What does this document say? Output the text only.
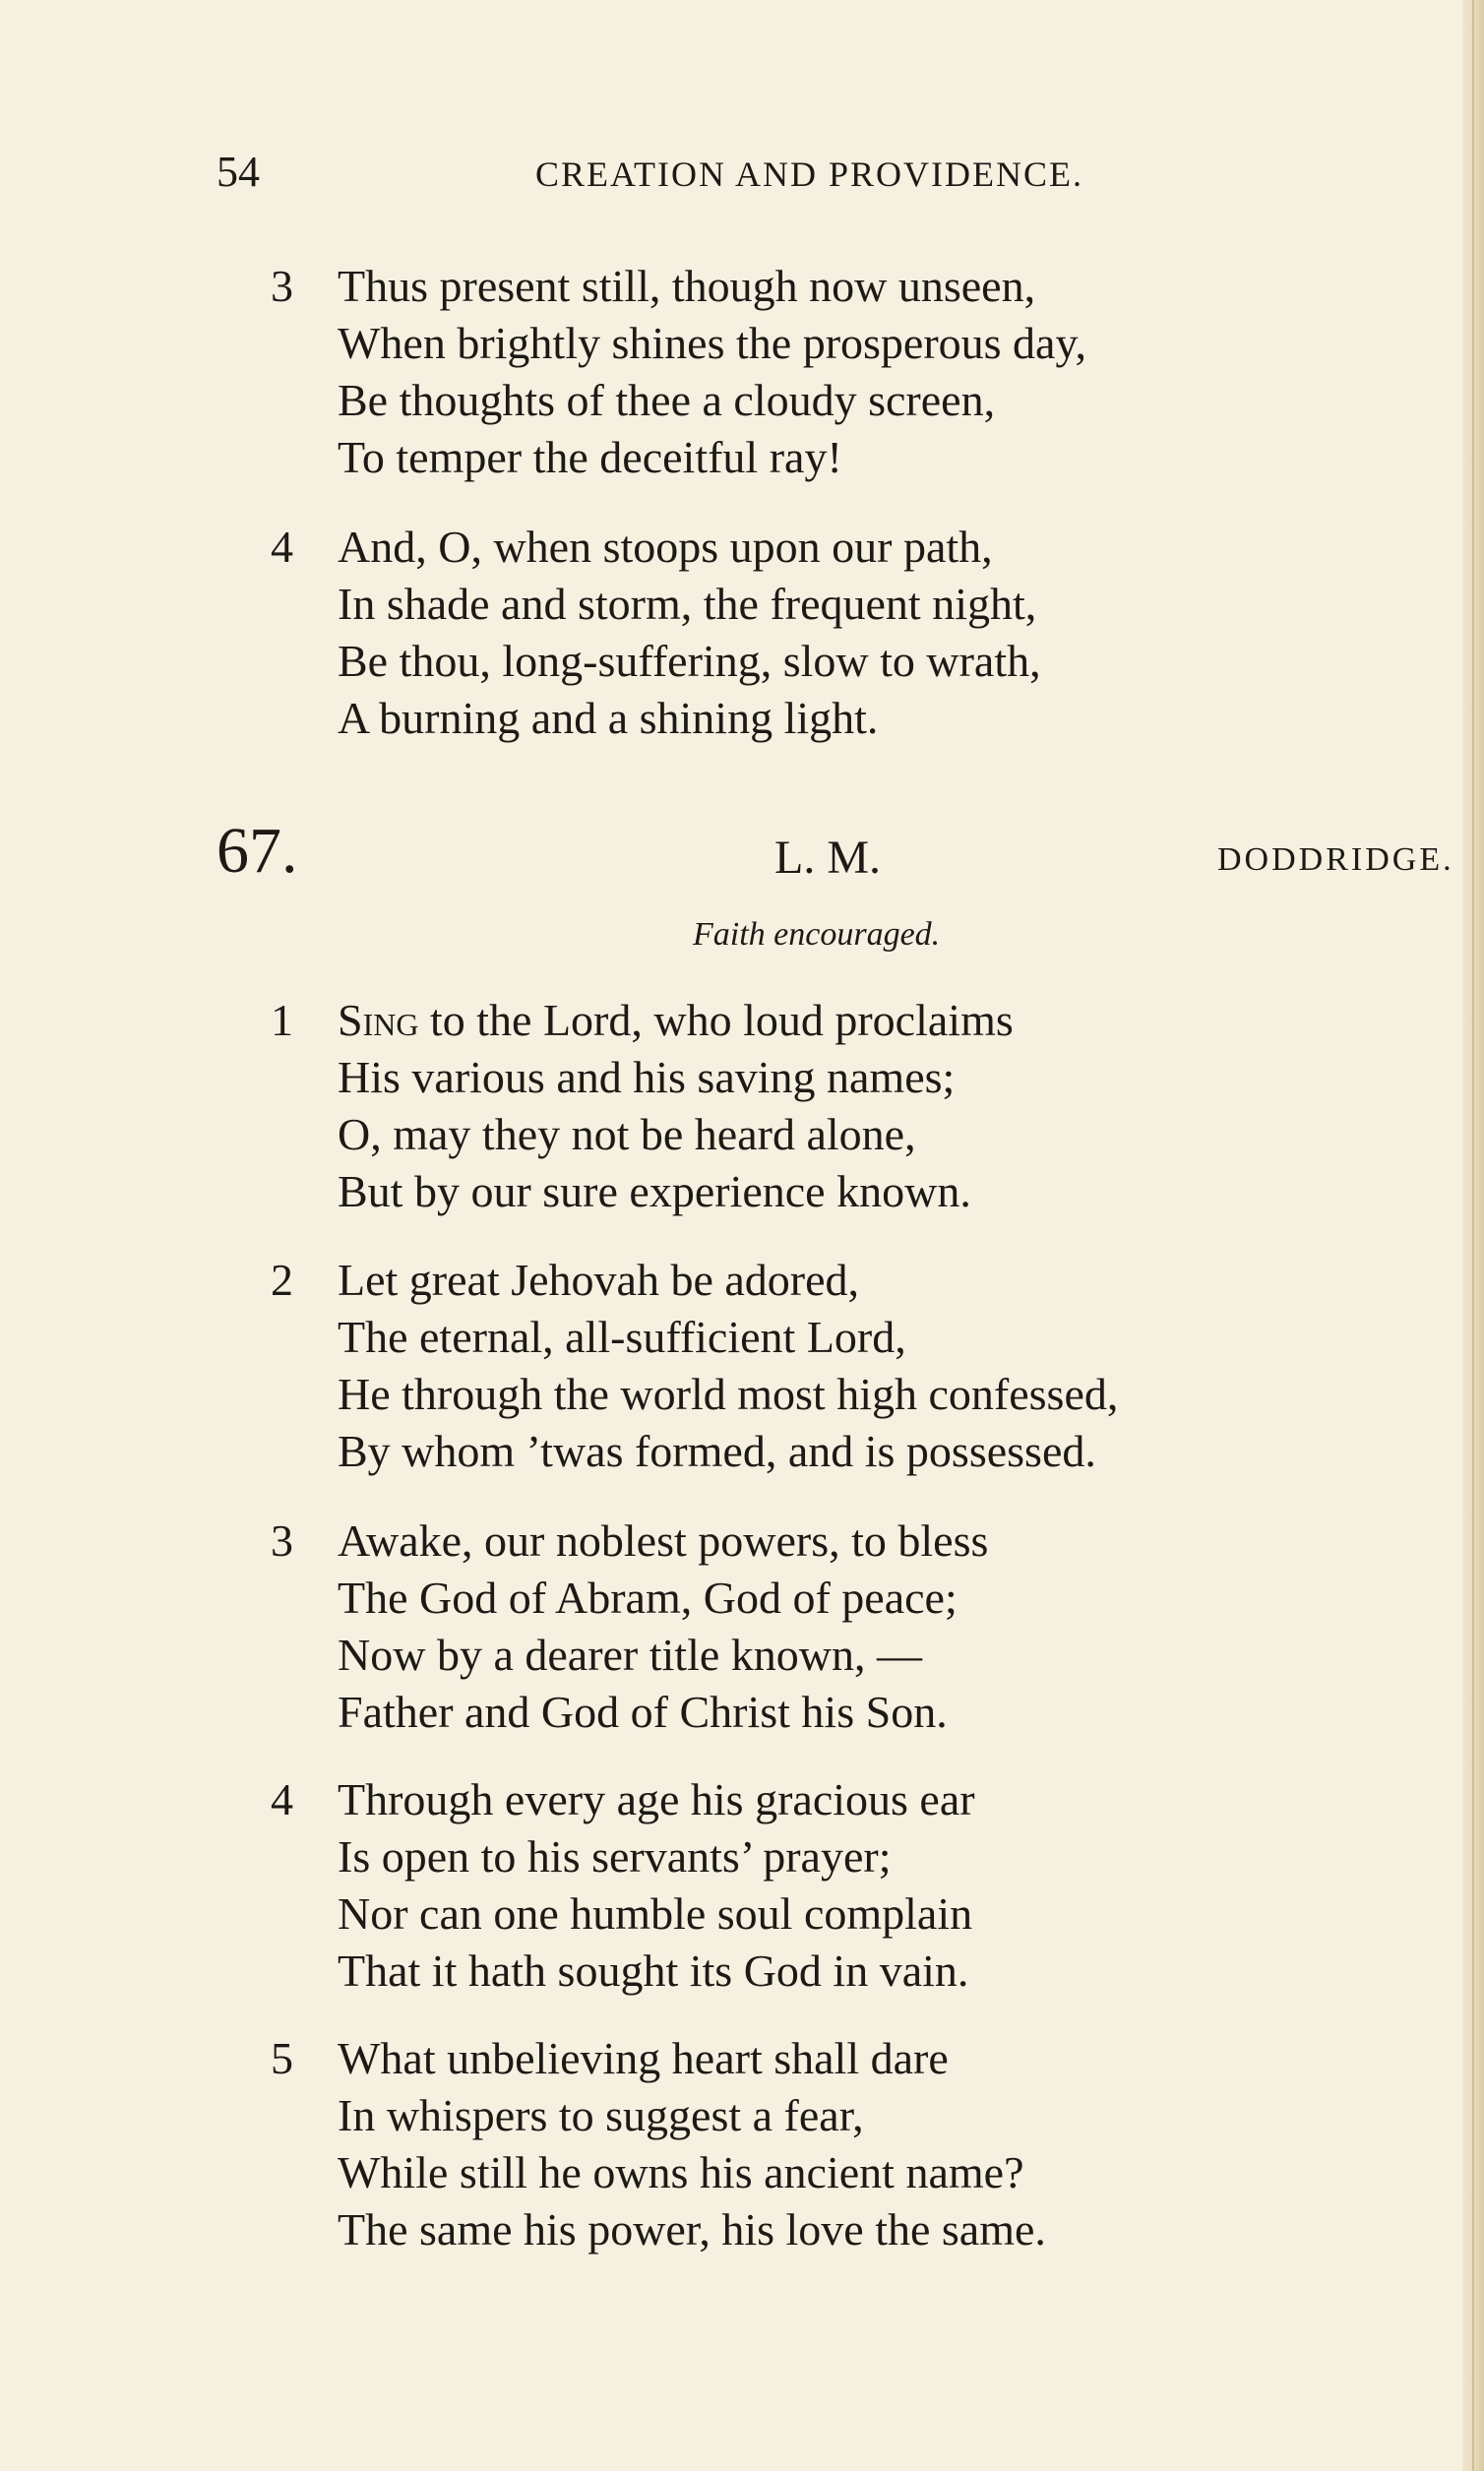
54	CREATION AND PROVIDENCE.
3 Thus present still, though now unseen,
When brightly shines the prosperous day,
Be thoughts of thee a cloudy screen,
To temper the deceitful ray!
4 And, O, when stoops upon our path,
In shade and storm, the frequent night,
Be thou, long-suffering, slow to wrath,
A burning and a shining light.
67.	L. M.	DODDRIDGE.
Faith encouraged.
1 Sing to the Lord, who loud proclaims
His various and his saving names;
O, may they not be heard alone,
But by our sure experience known.
2 Let great Jehovah be adored,
The eternal, all-sufficient Lord,
He through the world most high confessed,
By whom ’twas formed, and is possessed.
3 Awake, our noblest powers, to bless
The God of Abram, God of peace;
Now by a dearer title known, —
Father and God of Christ his Son.
4 Through every age his gracious ear
Is open to his servants’ prayer;
Nor can one humble soul complain
That it hath sought its God in vain.
5 What unbelieving heart shall dare
In whispers to suggest a fear,
While still he owns his ancient name?
The same his power, his love the same.
